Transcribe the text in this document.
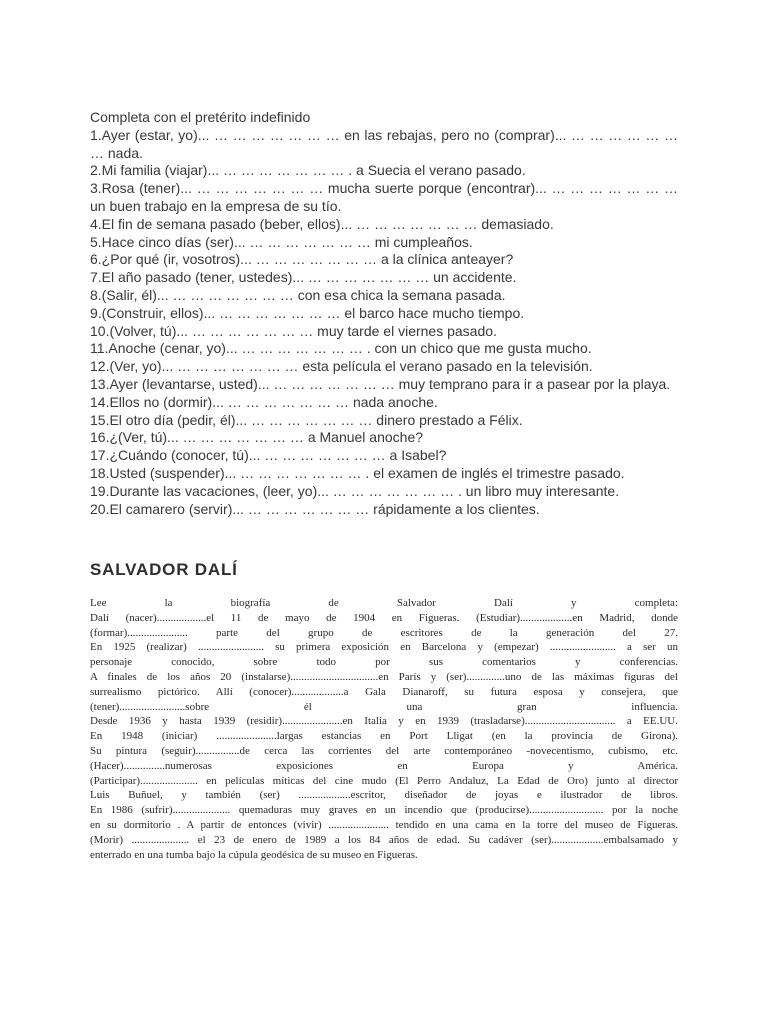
Completa con el pretérito indefinido

1.Ayer (estar, yo)... … … … … … … … en las rebajas, pero no (comprar)... … … … … … … … nada.

2.Mi familia (viajar)... … … … … … … … . a Suecia el verano pasado.

3.Rosa (tener)... … … … … … … … mucha suerte porque (encontrar)... … … … … … … … un buen trabajo en la empresa de su tío.

4.El fin de semana pasado (beber, ellos)... … … … … … … … demasiado.

5.Hace cinco días (ser)... … … … … … … … mi cumpleaños.

6.¿Por qué (ir, vosotros)... … … … … … … … a la clínica anteayer?

7.El año pasado (tener, ustedes)... … … … … … … … un accidente.

8.(Salir, él)... … … … … … … … con esa chica la semana pasada.

9.(Construir, ellos)... … … … … … … … el barco hace mucho tiempo.

10.(Volver, tú)... … … … … … … … muy tarde el viernes pasado.

11.Anoche (cenar, yo)... … … … … … … … . con un chico que me gusta mucho.

12.(Ver, yo)... … … … … … … … esta película el verano pasado en la televisión.

13.Ayer (levantarse, usted)... … … … … … … … muy temprano para ir a pasear por la playa.

14.Ellos no (dormir)... … … … … … … … nada anoche.

15.El otro día (pedir, él)... … … … … … … … dinero prestado a Félix.

16.¿(Ver, tú)... … … … … … … … a Manuel anoche?

17.¿Cuándo (conocer, tú)... … … … … … … … a Isabel?

18.Usted (suspender)... … … … … … … … . el examen de inglés el trimestre pasado.

19.Durante las vacaciones, (leer, yo)... … … … … … … … . un libro muy interesante.

20.El camarero (servir)... … … … … … … … rápidamente a los clientes.

SALVADOR DALÍ

Lee la biografía de Salvador Dalí y completa:

Dalí (nacer)..................el 11 de mayo de 1904 en Figueras. (Estudiar)...................en Madrid, donde

(formar)...................... parte del grupo de escritores de la generación del 27.

En 1925 (realizar) ........................ su primera exposición en Barcelona y (empezar) ........................ a ser un

personaje conocido, sobre todo por sus comentarios y conferencias.

A finales de los años 20 (instalarse)................................en París y (ser)..............uno de las máximas figuras del

surrealismo pictórico. Allí (conocer)...................a Gala Dianaroff, su futura esposa y consejera, que

(tener)........................sobre él una gran influencia.

Desde 1936 y hasta 1939 (residir)......................en Italia y en 1939 (trasladarse)................................. a EE.UU.

En 1948 (iniciar) ......................largas estancias en Port Lligat (en la provincia de Girona).

Su pintura (seguir)................de cerca las corrientes del arte contemporáneo -novecentismo, cubismo, etc.

(Hacer)...............numerosas exposiciones en Europa y América.

(Participar)..................... en películas míticas del cine mudo (El Perro Andaluz, La Edad de Oro) junto al director

Luis Buñuel, y también (ser) ...................escritor, diseñador de joyas e ilustrador de libros.

En 1986 (sufrir)..................... quemaduras muy graves en un incendio que (producirse)........................... por la noche

en su dormitorio . A partir de entonces (vivir) ...................... tendido en una cama en la torre del museo de Figueras.

(Morir) ..................... el 23 de enero de 1989 a los 84 años de edad. Su cadáver (ser)...................embalsamado y

enterrado en una tumba bajo la cúpula geodésica de su museo en Figueras.
